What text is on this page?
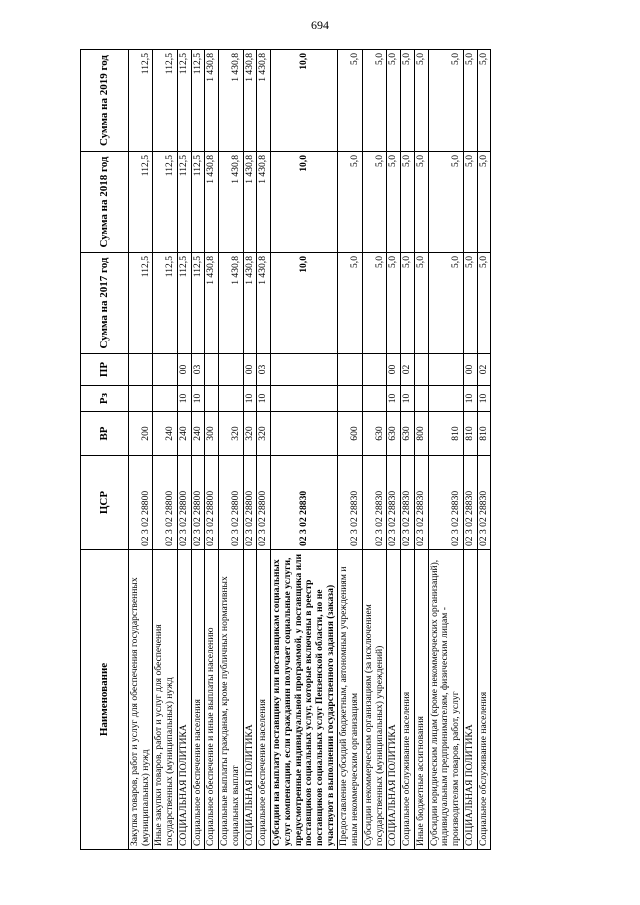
694
Наименование	ЦСР	ВР	Рз	ПР	Сумма на 2017 год	Сумма на 2018 год	Сумма на 2019 год
Закупка товаров, работ и услуг для обеспечения государственных (муниципальных) нужд	02 3 02 28800	200			112,5	112,5	112,5
Иные закупки товаров, работ и услуг для обеспечения государственных (муниципальных) нужд	02 3 02 28800	240			112,5	112,5	112,5
СОЦИАЛЬНАЯ ПОЛИТИКА	02 3 02 28800	240	10	00	112,5	112,5	112,5
Социальное обеспечение населения	02 3 02 28800	240	10	03	112,5	112,5	112,5
Социальное обеспечение и иные выплаты населению	02 3 02 28800	300			1 430,8	1 430,8	1 430,8
Социальные выплаты гражданам, кроме публичных нормативных социальных выплат	02 3 02 28800	320			1 430,8	1 430,8	1 430,8
СОЦИАЛЬНАЯ ПОЛИТИКА	02 3 02 28800	320	10	00	1 430,8	1 430,8	1 430,8
Социальное обеспечение населения	02 3 02 28800	320	10	03	1 430,8	1 430,8	1 430,8
Субсидии на выплату поставщику или поставщикам социальных услуг компенсации, если гражданин получает социальные услуги, предусмотренные индивидуальной программой, у поставщика или поставщиков социальных услуг, которые включены в реестр поставщиков социальных услуг Пензенской области, но не участвуют в выполнении государственного задания (заказа)	02 3 02 28830				10,0	10,0	10,0
Предоставление субсидий бюджетным, автономным учреждениям и иным некоммерческим организациям	02 3 02 28830	600			5,0	5,0	5,0
Субсидии некоммерческим организациям (за исключением государственных (муниципальных) учреждений)	02 3 02 28830	630			5,0	5,0	5,0
СОЦИАЛЬНАЯ ПОЛИТИКА	02 3 02 28830	630	10	00	5,0	5,0	5,0
Социальное обслуживание населения	02 3 02 28830	630	10	02	5,0	5,0	5,0
Иные бюджетные ассигнования	02 3 02 28830	800			5,0	5,0	5,0
Субсидии юридическим лицам (кроме некоммерческих организаций), индивидуальным предпринимателям, физическим лицам - производителям товаров, работ, услуг	02 3 02 28830	810			5,0	5,0	5,0
СОЦИАЛЬНАЯ ПОЛИТИКА	02 3 02 28830	810	10	00	5,0	5,0	5,0
Социальное обслуживание населения	02 3 02 28830	810	10	02	5,0	5,0	5,0
